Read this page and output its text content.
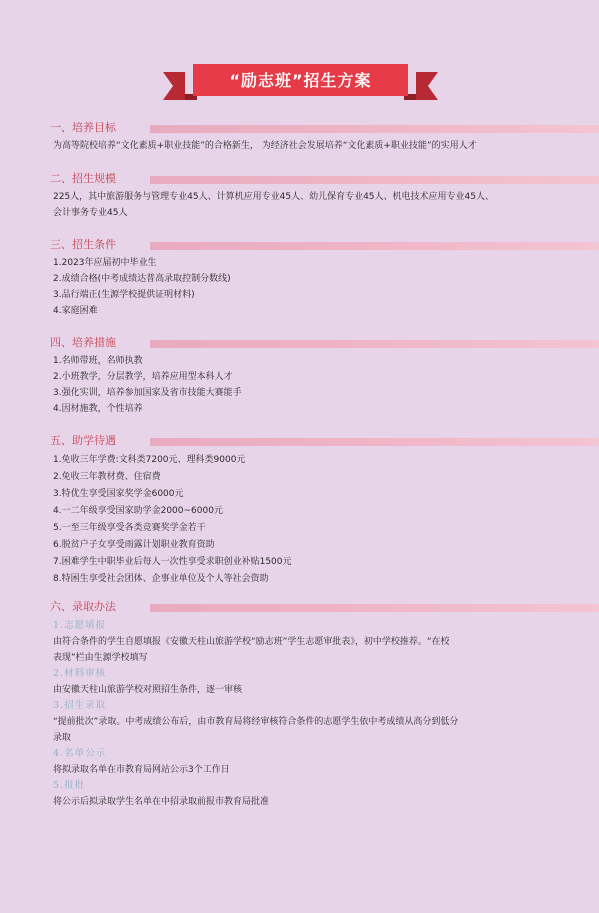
“励志班”招生方案
一、培养目标
为高等院校培养“文化素质+职业技能”的合格新生， 为经济社会发展培养“文化素质+职业技能”的实用人才
二、招生规模
225人，其中旅游服务与管理专业45人、计算机应用专业45人、幼儿保育专业45人、机电技术应用专业45人、
会计事务专业45人
三、招生条件
1.2023年应届初中毕业生
2.成绩合格(中考成绩达普高录取控制分数线)
3.品行端正(生源学校提供证明材料)
4.家庭困难
四、培养措施
1.名师带班，名师执教
2.小班教学，分层教学，培养应用型本科人才
3.强化实训，培养参加国家及省市技能大赛能手
4.因材施教，个性培养
五、助学待遇
1.免收三年学费:文科类7200元、理科类9000元
2.免收三年教材费、住宿费
3.特优生享受国家奖学金6000元
4.一二年级享受国家助学金2000~6000元
5.一至三年级享受各类竞赛奖学金若干
6.脱贫户子女享受雨露计划职业教育资助
7.困难学生中职毕业后每人一次性享受求职创业补贴1500元
8.特困生享受社会团体、企事业单位及个人等社会资助
六、录取办法
1.志愿填报
由符合条件的学生自愿填报《安徽天柱山旅游学校“励志班”学生志愿审批表》，初中学校推荐。“在校
表现”栏由生源学校填写
2.材料审核
由安徽天柱山旅游学校对照招生条件，逐一审核
3.招生录取
“提前批次”录取。中考成绩公布后，由市教育局将经审核符合条件的志愿学生依中考成绩从高分到低分
录取
4.名单公示
将拟录取名单在市教育局网站公示3个工作日
5.报批
将公示后拟录取学生名单在中招录取前报市教育局批准
